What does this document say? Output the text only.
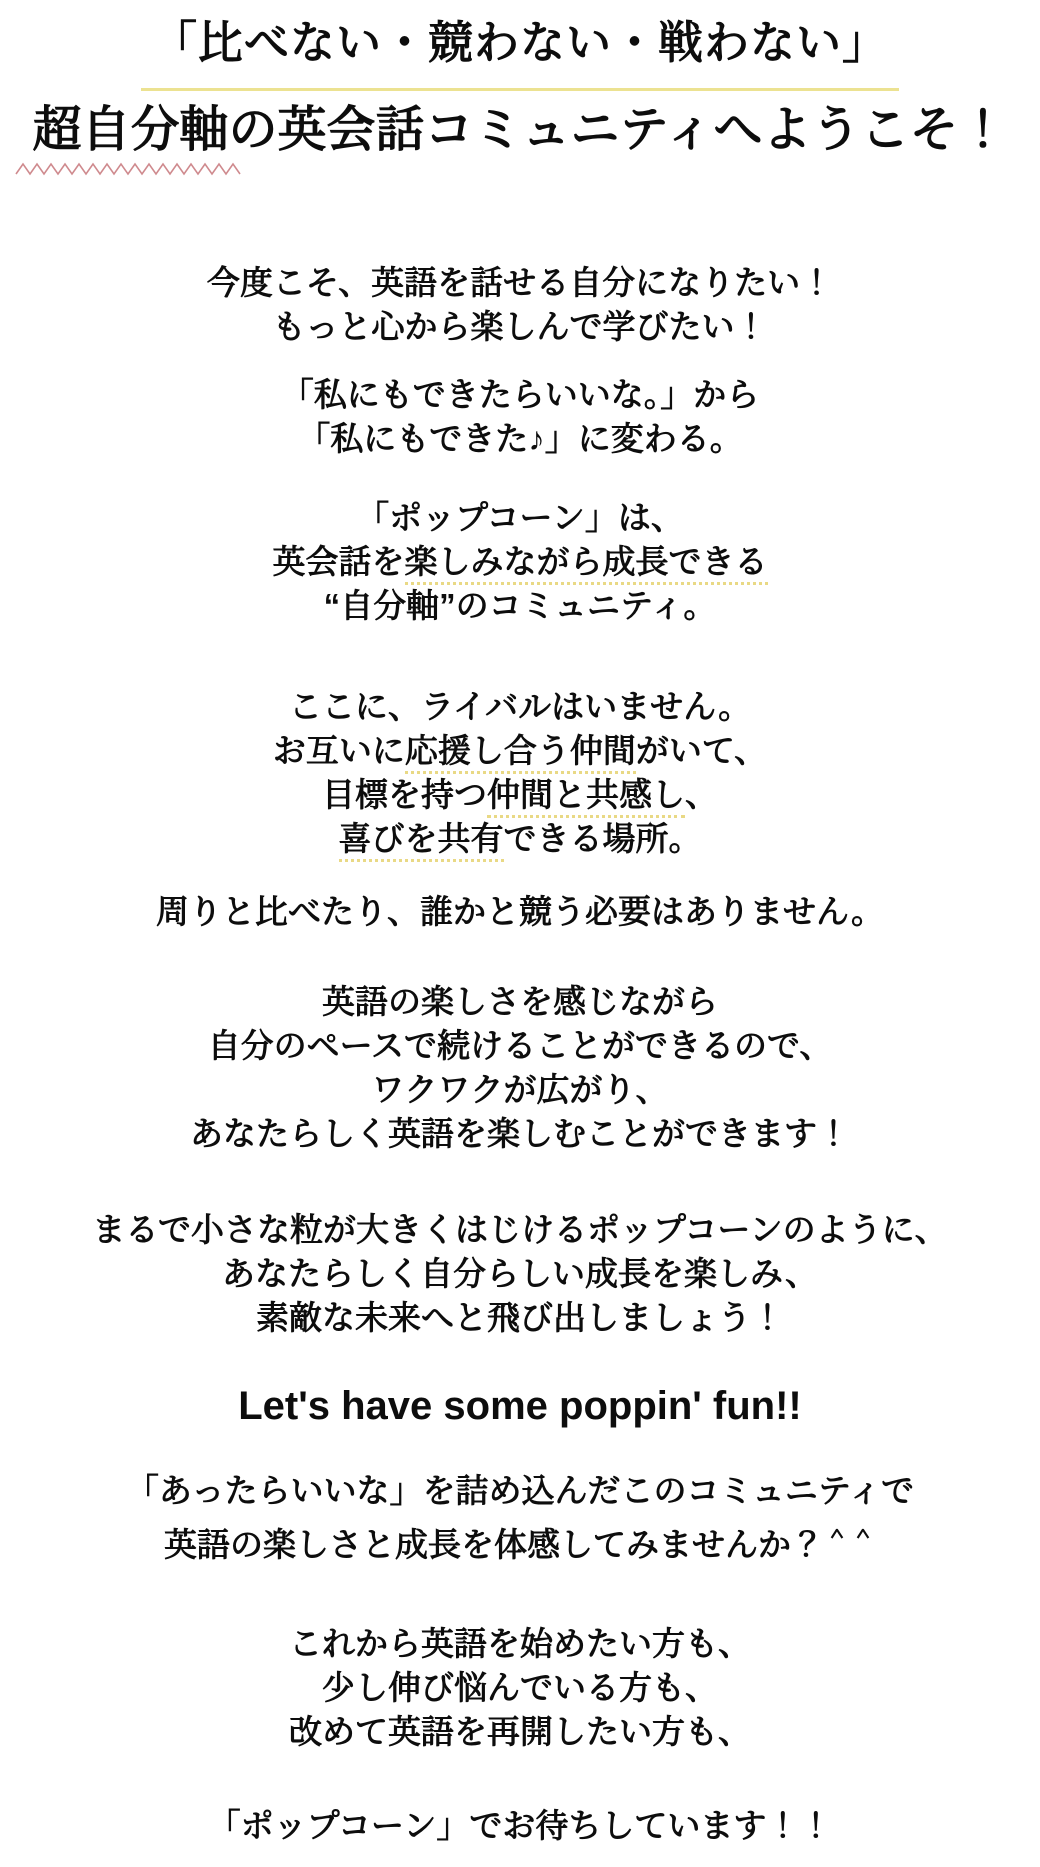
「比べない・競わない・戦わない」
超自分軸の英会話コミュニティへようこそ！
今度こそ、英語を話せる自分になりたい！
もっと心から楽しんで学びたい！
「私にもできたらいいな。」から
「私にもできた♪」に変わる。
「ポップコーン」は、
英会話を楽しみながら成長できる
“自分軸”のコミュニティ。
ここに、ライバルはいません。
お互いに応援し合う仲間がいて、
目標を持つ仲間と共感し、
喜びを共有できる場所。
周りと比べたり、誰かと競う必要はありません。
英語の楽しさを感じながら
自分のペースで続けることができるので、
ワクワクが広がり、
あなたらしく英語を楽しむことができます！
まるで小さな粒が大きくはじけるポップコーンのように、
あなたらしく自分らしい成長を楽しみ、
素敵な未来へと飛び出しましょう！
Let's have some poppin' fun!!
「あったらいいな」を詰め込んだこのコミュニティで
英語の楽しさと成長を体感してみませんか？＾＾
これから英語を始めたい方も、
少し伸び悩んでいる方も、
改めて英語を再開したい方も、
「ポップコーン」でお待ちしています！！
